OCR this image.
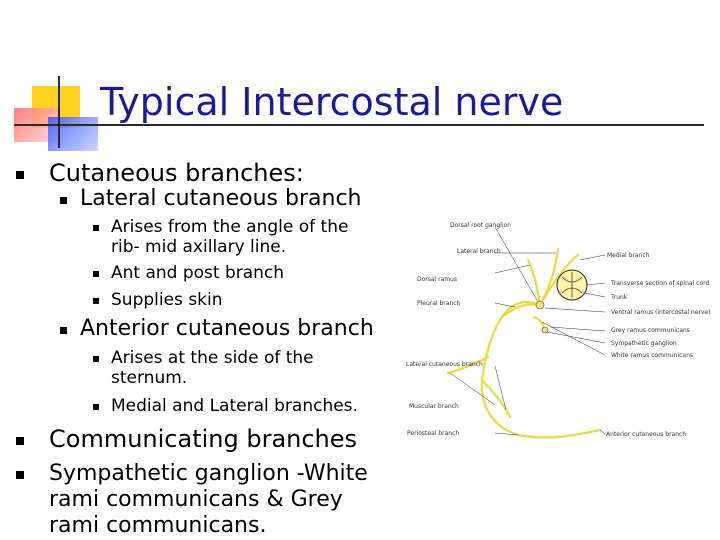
Typical Intercostal nerve
Cutaneous branches:
Lateral cutaneous branch
Arises from the angle of the
rib- mid axillary line.
Ant and post branch
Supplies skin
Anterior cutaneous branch
Arises at the side of the
sternum.
Medial and Lateral branches.
Communicating branches
Sympathetic ganglion -White
rami communicans & Grey
rami communicans.
Dorsal root ganglion
Lateral branch
Dorsal ramus
Pleural branch
Lateral cutaneous branch
Muscular branch
Periosteal branch
Medial branch
Transverse section of spinal cord
Trunk
Ventral ramus (intercostal nerve)
Grey ramus communicans
Sympathetic ganglion
White ramus communicans
Anterior cutaneous branch
